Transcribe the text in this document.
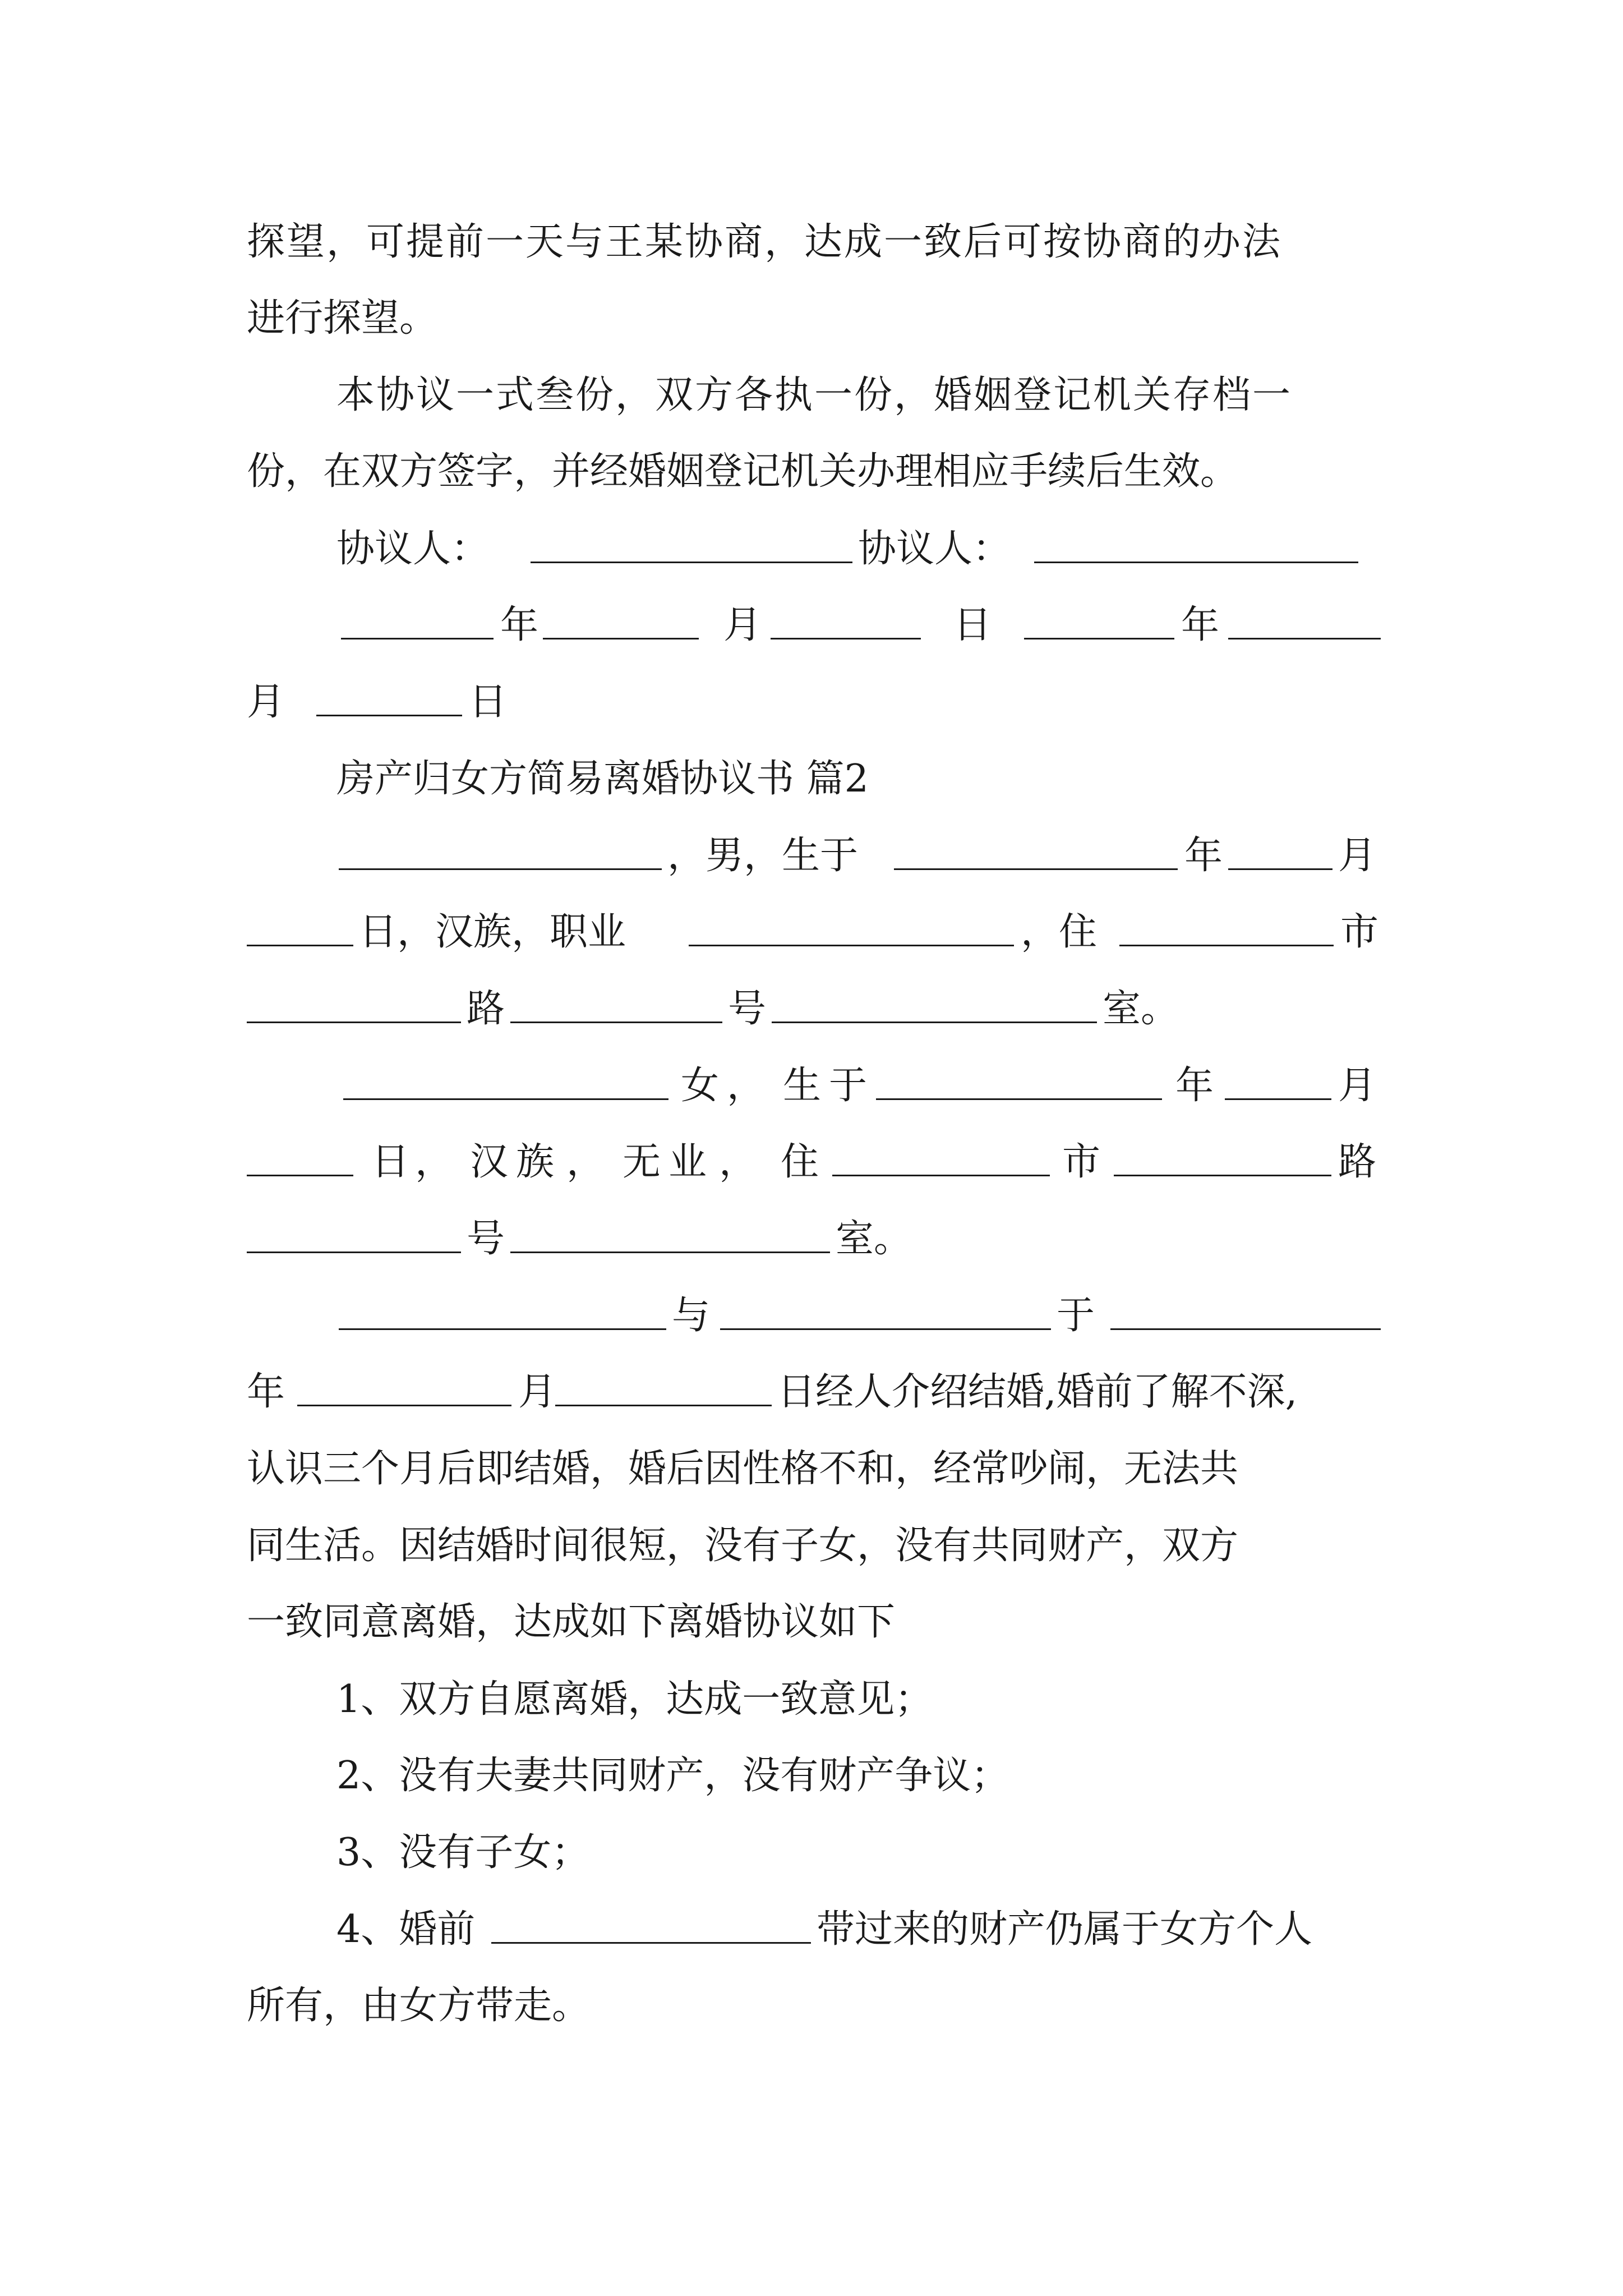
探望，可提前一天与王某协商，达成一致后可按协商的办法
进行探望。
本协议一式叁份，双方各执一份，婚姻登记机关存档一
份，在双方签字，并经婚姻登记机关办理相应手续后生效。
协议人：	协议人：
年	月	日	年
月	日
房产归女方简易离婚协议书 篇2
，男，生于	年	月
日，汉族，职业	，住	市
路	号	室。
女 ， 生于	年	月
日 ， 汉族 ， 无业 ， 住	市	路
号	室。
与	于
年	月	日经人介绍结婚,婚前了解不深,
认识三个月后即结婚，婚后因性格不和，经常吵闹，无法共
同生活。因结婚时间很短，没有子女，没有共同财产，双方
一致同意离婚，达成如下离婚协议如下
1、双方自愿离婚，达成一致意见；
2、没有夫妻共同财产，没有财产争议；
3、没有子女；
4、婚前	带过来的财产仍属于女方个人
所有，由女方带走。
